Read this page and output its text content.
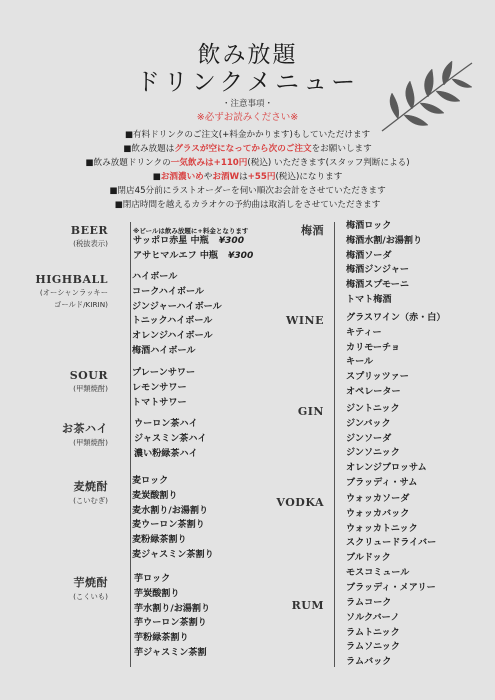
飲み放題
ドリンクメニュー
・注意事項・
※必ずお読みください※
■有料ドリンクのご注文(+料金かかります)もしていただけます
■飲み放題はグラスが空になってから次のご注文をお願いします
■飲み放題ドリンクの一気飲みは+110円(税込) いただきます(スタッフ判断による)
■お酒濃いめやお酒Wは+55円(税込)になります
■閉店45分前にラストオーダーを伺い順次お会計をさせていただきます
■閉店時間を越えるカラオケの予約曲は取消しをさせていただきます
BEER
(税抜表示)
※ビールは飲み放題に+料金となります
サッポロ赤星 中瓶 ¥300
アサヒマルエフ 中瓶 ¥300
HIGHBALL
(オーシャンラッキー
ゴールド/KIRIN)
ハイボール
コークハイボール
ジンジャーハイボール
トニックハイボール
オレンジハイボール
梅酒ハイボール
SOUR
(甲類焼酎)
プレーンサワー
レモンサワー
トマトサワー
お茶ハイ
(甲類焼酎)
ウーロン茶ハイ
ジャスミン茶ハイ
濃い粉緑茶ハイ
麦焼酎
(こいむぎ)
麦ロック
麦炭酸割り
麦水割り/お湯割り
麦ウーロン茶割り
麦粉緑茶割り
麦ジャスミン茶割り
芋焼酎
(こくいも)
芋ロック
芋炭酸割り
芋水割り/お湯割り
芋ウーロン茶割り
芋粉緑茶割り
芋ジャスミン茶割
梅酒 梅酒ロック
梅酒水割/お湯割り
梅酒ソーダ
梅酒ジンジャー
梅酒スプモーニ
トマト梅酒
WINE グラスワイン（赤・白）
キティー
カリモーチョ
キール
スプリッツァー
オペレーター
GIN ジントニック
ジンバック
ジンソーダ
ジンソニック
オレンジブロッサム
ブラッディ・サム
VODKA ウォッカソーダ
ウォッカバック
ウォッカトニック
スクリュードライバー
ブルドック
モスコミュール
ブラッディ・メアリー
RUM ラムコーク
ソルクバーノ
ラムトニック
ラムソニック
ラムバック
